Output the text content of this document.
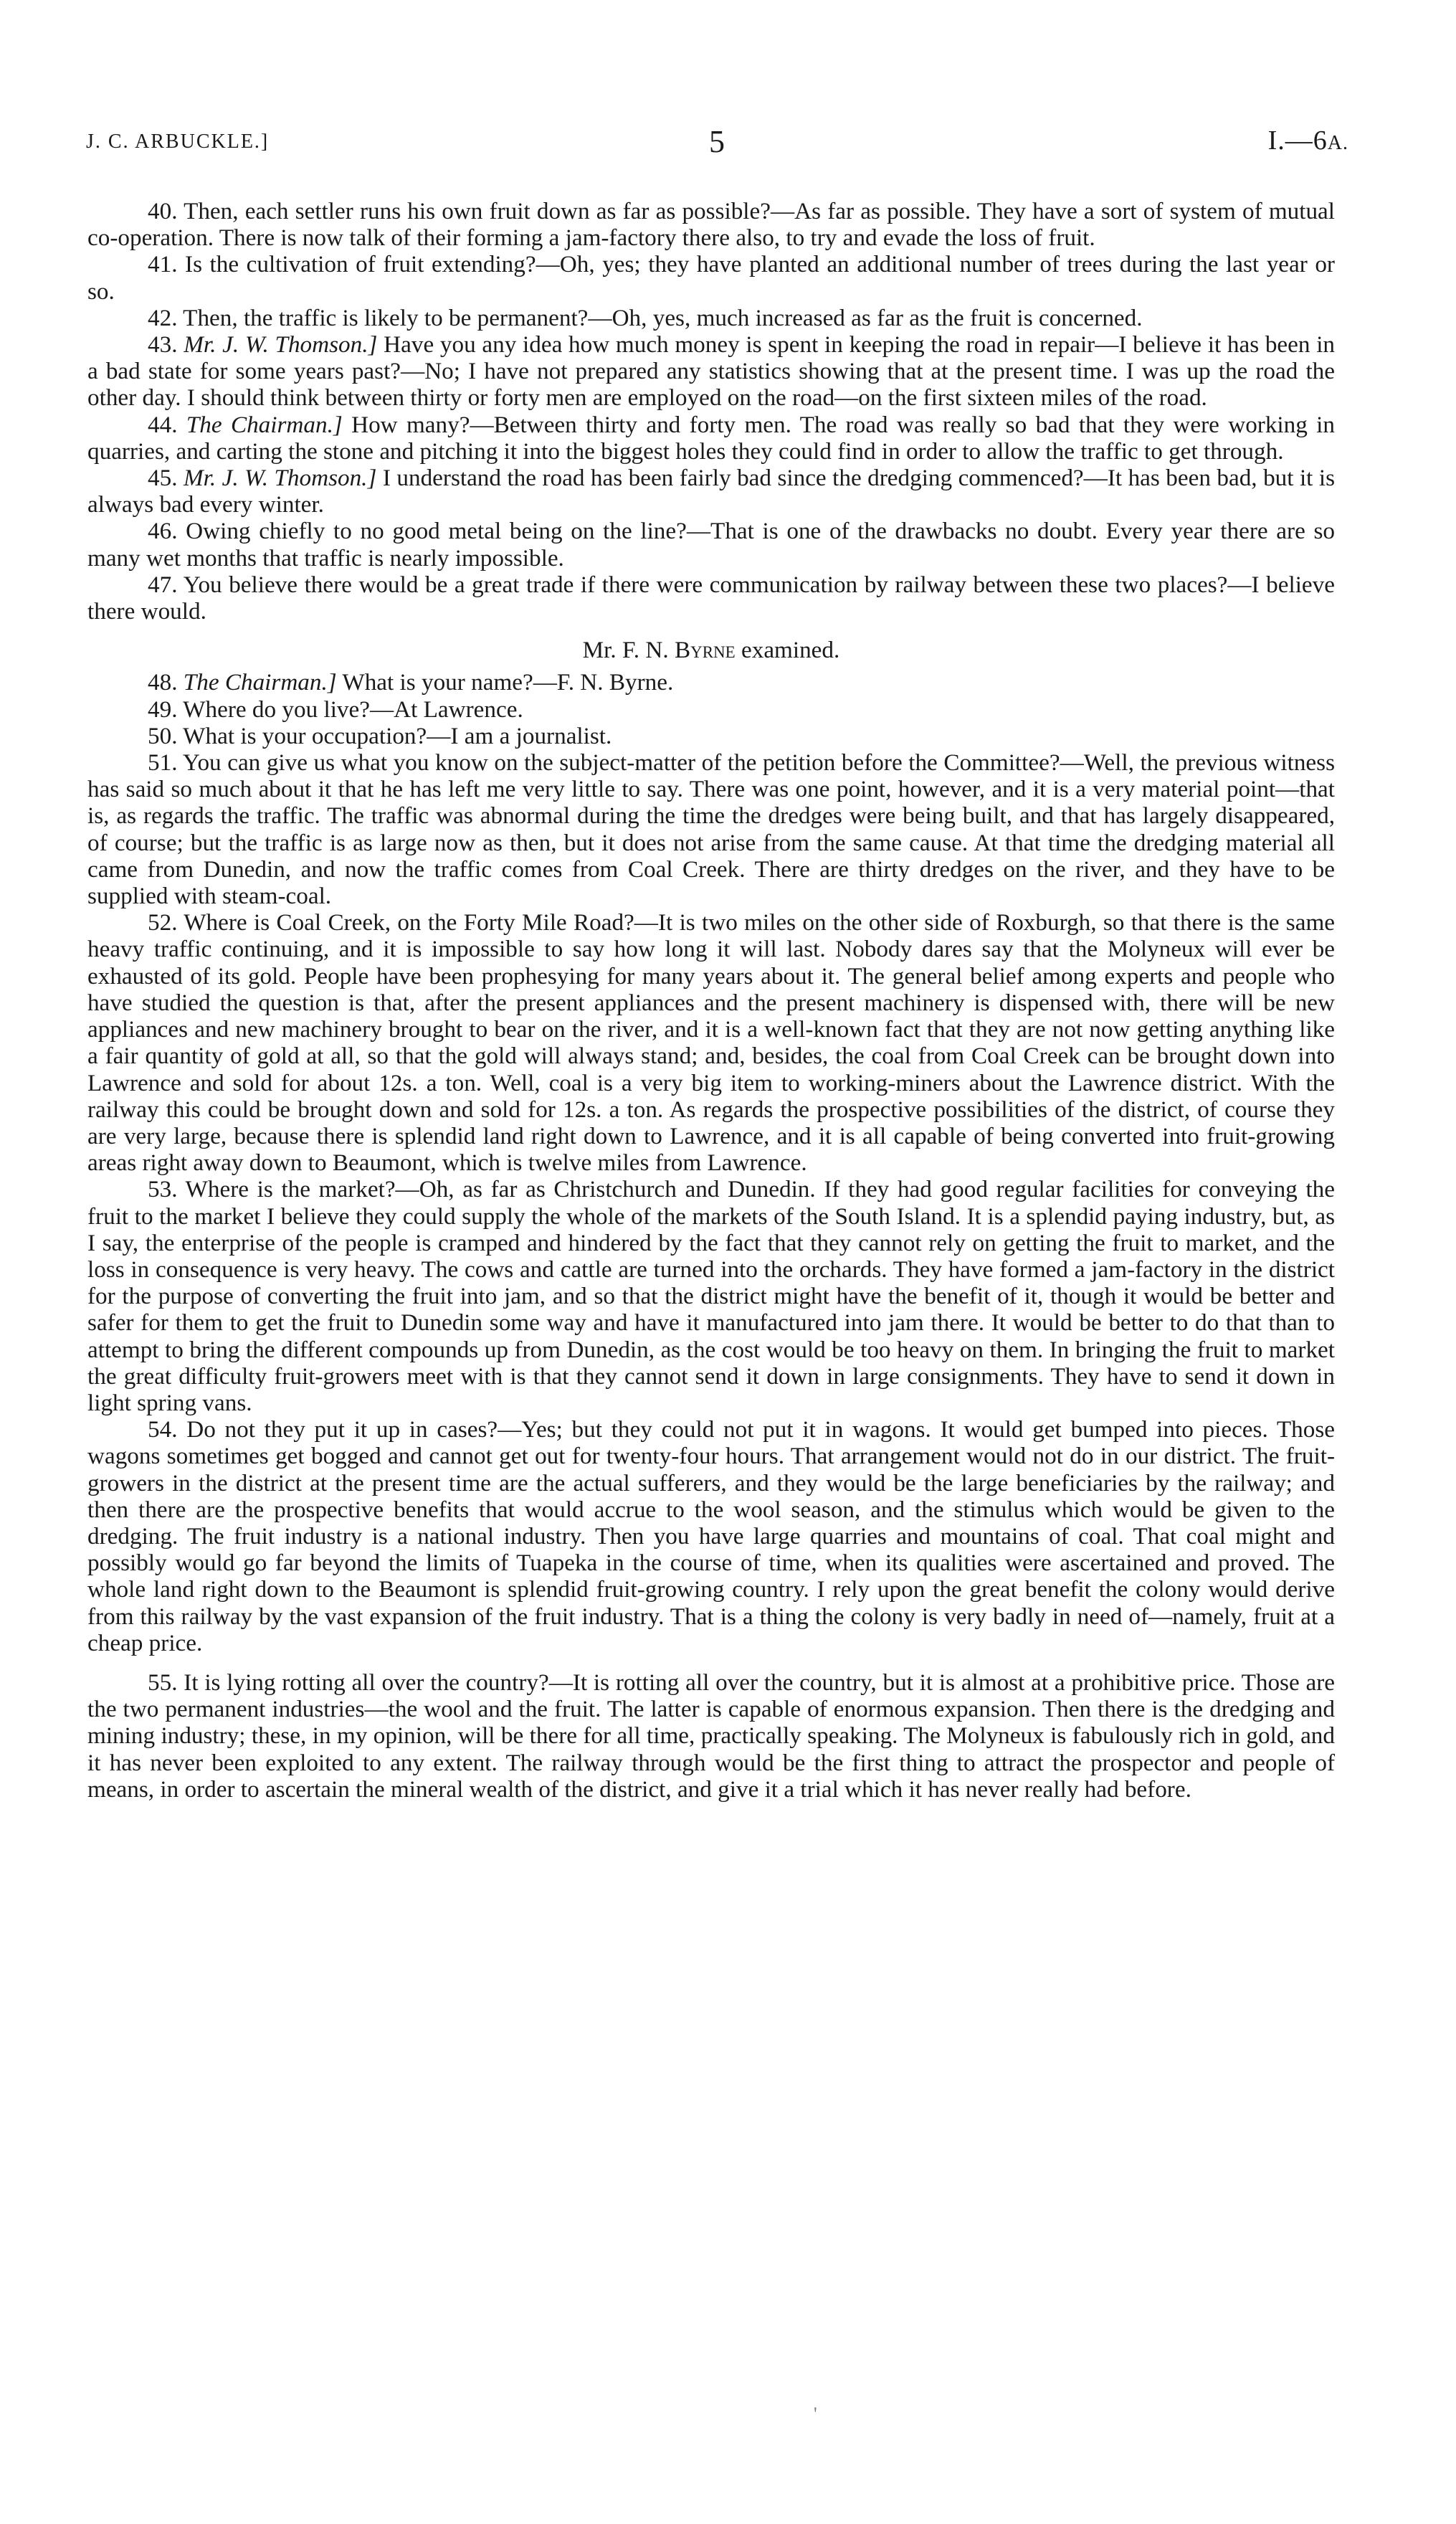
J. C. ARBUCKLE.]	5	I.—6A.

40. Then, each settler runs his own fruit down as far as possible?—As far as possible. They have a sort of system of mutual co-operation. There is now talk of their forming a jam-factory there also, to try and evade the loss of fruit.

41. Is the cultivation of fruit extending?—Oh, yes; they have planted an additional number of trees during the last year or so.

42. Then, the traffic is likely to be permanent?—Oh, yes, much increased as far as the fruit is concerned.

43. Mr. J. W. Thomson.] Have you any idea how much money is spent in keeping the road in repair—I believe it has been in a bad state for some years past?—No; I have not prepared any statistics showing that at the present time. I was up the road the other day. I should think between thirty or forty men are employed on the road—on the first sixteen miles of the road.

44. The Chairman.] How many?—Between thirty and forty men. The road was really so bad that they were working in quarries, and carting the stone and pitching it into the biggest holes they could find in order to allow the traffic to get through.

45. Mr. J. W. Thomson.] I understand the road has been fairly bad since the dredging commenced?—It has been bad, but it is always bad every winter.

46. Owing chiefly to no good metal being on the line?—That is one of the drawbacks no doubt. Every year there are so many wet months that traffic is nearly impossible.

47. You believe there would be a great trade if there were communication by railway between these two places?—I believe there would.

Mr. F. N. Byrne examined.

48. The Chairman.] What is your name?—F. N. Byrne.

49. Where do you live?—At Lawrence.

50. What is your occupation?—I am a journalist.

51. You can give us what you know on the subject-matter of the petition before the Committee?—Well, the previous witness has said so much about it that he has left me very little to say. There was one point, however, and it is a very material point—that is, as regards the traffic. The traffic was abnormal during the time the dredges were being built, and that has largely disappeared, of course; but the traffic is as large now as then, but it does not arise from the same cause. At that time the dredging material all came from Dunedin, and now the traffic comes from Coal Creek. There are thirty dredges on the river, and they have to be supplied with steam-coal.

52. Where is Coal Creek, on the Forty Mile Road?—It is two miles on the other side of Roxburgh, so that there is the same heavy traffic continuing, and it is impossible to say how long it will last. Nobody dares say that the Molyneux will ever be exhausted of its gold. People have been prophesying for many years about it. The general belief among experts and people who have studied the question is that, after the present appliances and the present machinery is dispensed with, there will be new appliances and new machinery brought to bear on the river, and it is a well-known fact that they are not now getting anything like a fair quantity of gold at all, so that the gold will always stand; and, besides, the coal from Coal Creek can be brought down into Lawrence and sold for about 12s. a ton. Well, coal is a very big item to working-miners about the Lawrence district. With the railway this could be brought down and sold for 12s. a ton. As regards the prospective possibilities of the district, of course they are very large, because there is splendid land right down to Lawrence, and it is all capable of being converted into fruit-growing areas right away down to Beaumont, which is twelve miles from Lawrence.

53. Where is the market?—Oh, as far as Christchurch and Dunedin. If they had good regular facilities for conveying the fruit to the market I believe they could supply the whole of the markets of the South Island. It is a splendid paying industry, but, as I say, the enterprise of the people is cramped and hindered by the fact that they cannot rely on getting the fruit to market, and the loss in consequence is very heavy. The cows and cattle are turned into the orchards. They have formed a jam-factory in the district for the purpose of converting the fruit into jam, and so that the district might have the benefit of it, though it would be better and safer for them to get the fruit to Dunedin some way and have it manufactured into jam there. It would be better to do that than to attempt to bring the different compounds up from Dunedin, as the cost would be too heavy on them. In bringing the fruit to market the great difficulty fruit-growers meet with is that they cannot send it down in large consignments. They have to send it down in light spring vans.

54. Do not they put it up in cases?—Yes; but they could not put it in wagons. It would get bumped into pieces. Those wagons sometimes get bogged and cannot get out for twenty-four hours. That arrangement would not do in our district. The fruit-growers in the district at the present time are the actual sufferers, and they would be the large beneficiaries by the railway; and then there are the prospective benefits that would accrue to the wool season, and the stimulus which would be given to the dredging. The fruit industry is a national industry. Then you have large quarries and mountains of coal. That coal might and possibly would go far beyond the limits of Tuapeka in the course of time, when its qualities were ascertained and proved. The whole land right down to the Beaumont is splendid fruit-growing country. I rely upon the great benefit the colony would derive from this railway by the vast expansion of the fruit industry. That is a thing the colony is very badly in need of—namely, fruit at a cheap price.

55. It is lying rotting all over the country?—It is rotting all over the country, but it is almost at a prohibitive price. Those are the two permanent industries—the wool and the fruit. The latter is capable of enormous expansion. Then there is the dredging and mining industry; these, in my opinion, will be there for all time, practically speaking. The Molyneux is fabulously rich in gold, and it has never been exploited to any extent. The railway through would be the first thing to attract the prospector and people of means, in order to ascertain the mineral wealth of the district, and give it a trial which it has never really had before.

'
